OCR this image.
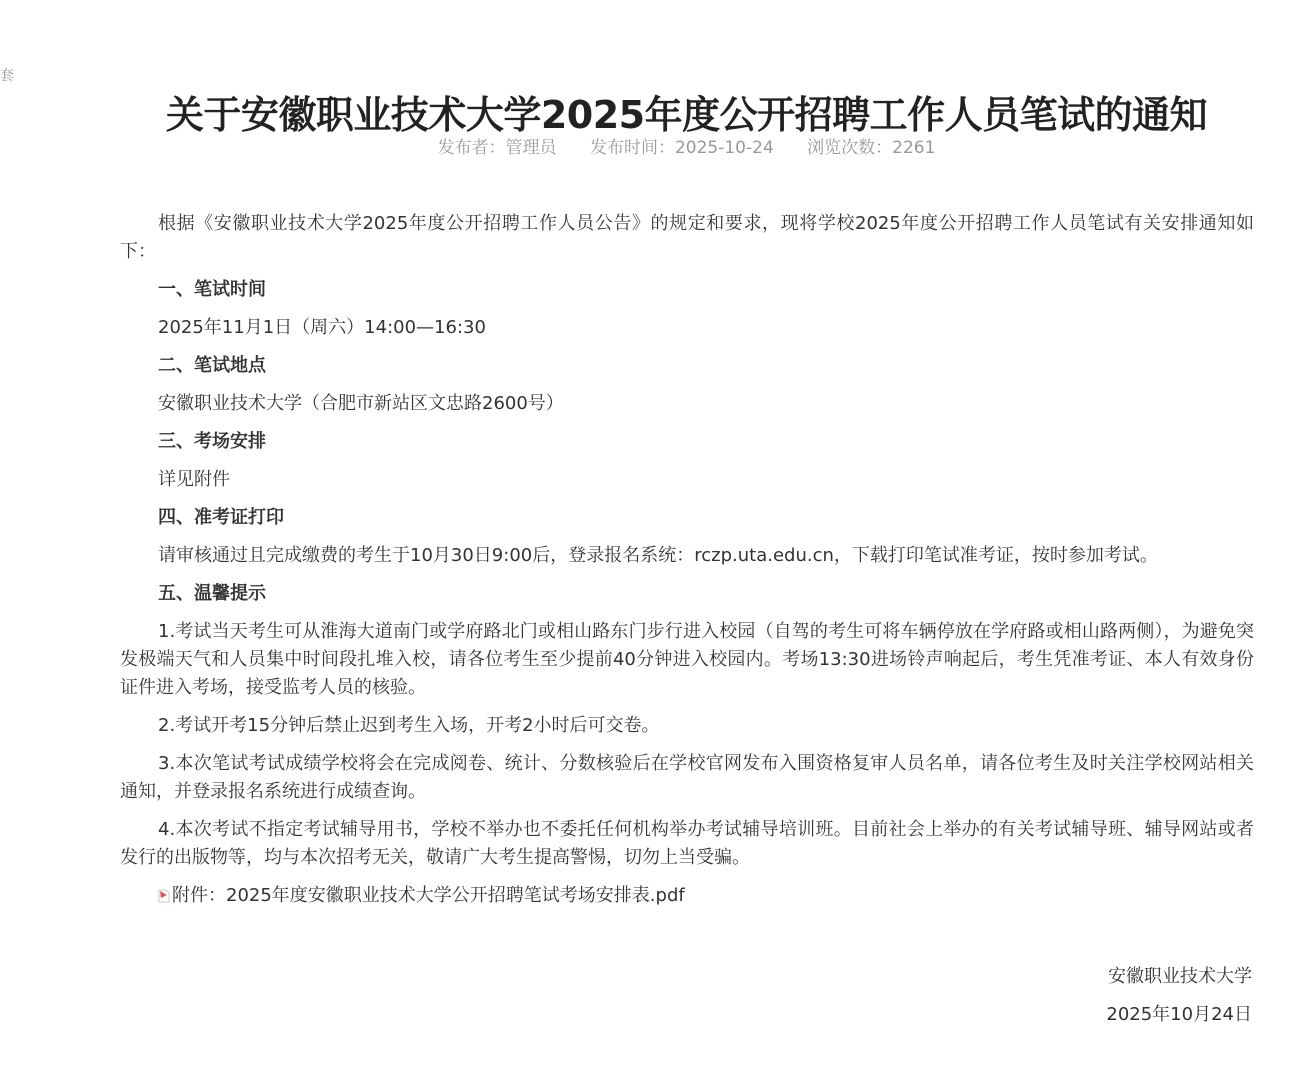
套
关于安徽职业技术大学2025年度公开招聘工作人员笔试的通知
发布者：管理员 发布时间：2025-10-24 浏览次数：2261

根据《安徽职业技术大学2025年度公开招聘工作人员公告》的规定和要求，现将学校2025年度公开招聘工作人员笔试有关安排通知如下：

一、笔试时间

2025年11月1日（周六）14:00—16:30

二、笔试地点

安徽职业技术大学（合肥市新站区文忠路2600号）

三、考场安排

详见附件

四、准考证打印

请审核通过且完成缴费的考生于10月30日9:00后，登录报名系统：rczp.uta.edu.cn，下载打印笔试准考证，按时参加考试。

五、温馨提示

1.考试当天考生可从淮海大道南门或学府路北门或相山路东门步行进入校园（自驾的考生可将车辆停放在学府路或相山路两侧），为避免突发极端天气和人员集中时间段扎堆入校，请各位考生至少提前40分钟进入校园内。考场13:30进场铃声响起后，考生凭准考证、本人有效身份证件进入考场，接受监考人员的核验。

2.考试开考15分钟后禁止迟到考生入场，开考2小时后可交卷。

3.本次笔试考试成绩学校将会在完成阅卷、统计、分数核验后在学校官网发布入围资格复审人员名单，请各位考生及时关注学校网站相关通知，并登录报名系统进行成绩查询。

4.本次考试不指定考试辅导用书，学校不举办也不委托任何机构举办考试辅导培训班。目前社会上举办的有关考试辅导班、辅导网站或者发行的出版物等，均与本次招考无关，敬请广大考生提高警惕，切勿上当受骗。

附件：2025年度安徽职业技术大学公开招聘笔试考场安排表.pdf
安徽职业技术大学
2025年10月24日
